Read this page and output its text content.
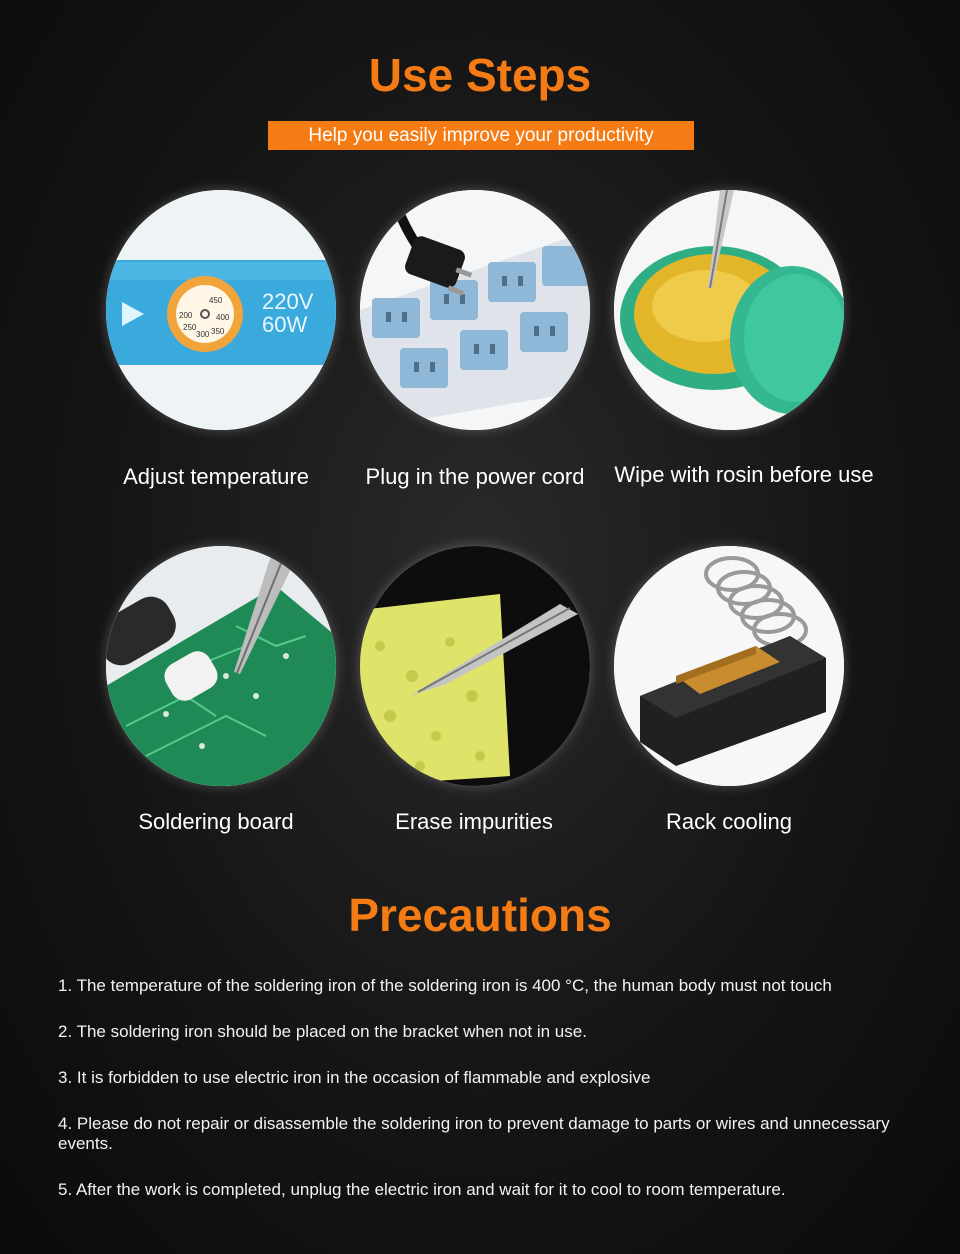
Use Steps
Help you easily improve your productivity
200
250
300 350
400
450 220V
60W
Adjust temperature	Plug in the power cord	Wipe with rosin before use
Soldering board	Erase impurities	Rack cooling
Precautions

1. The temperature of the soldering iron of the soldering iron is 400 °C, the human body must not touch

2. The soldering iron should be placed on the bracket when not in use.

3. It is forbidden to use electric iron in the occasion of flammable and explosive

4. Please do not repair or disassemble the soldering iron to prevent damage to parts or wires and unnecessary events.

5. After the work is completed, unplug the electric iron and wait for it to cool to room temperature.
